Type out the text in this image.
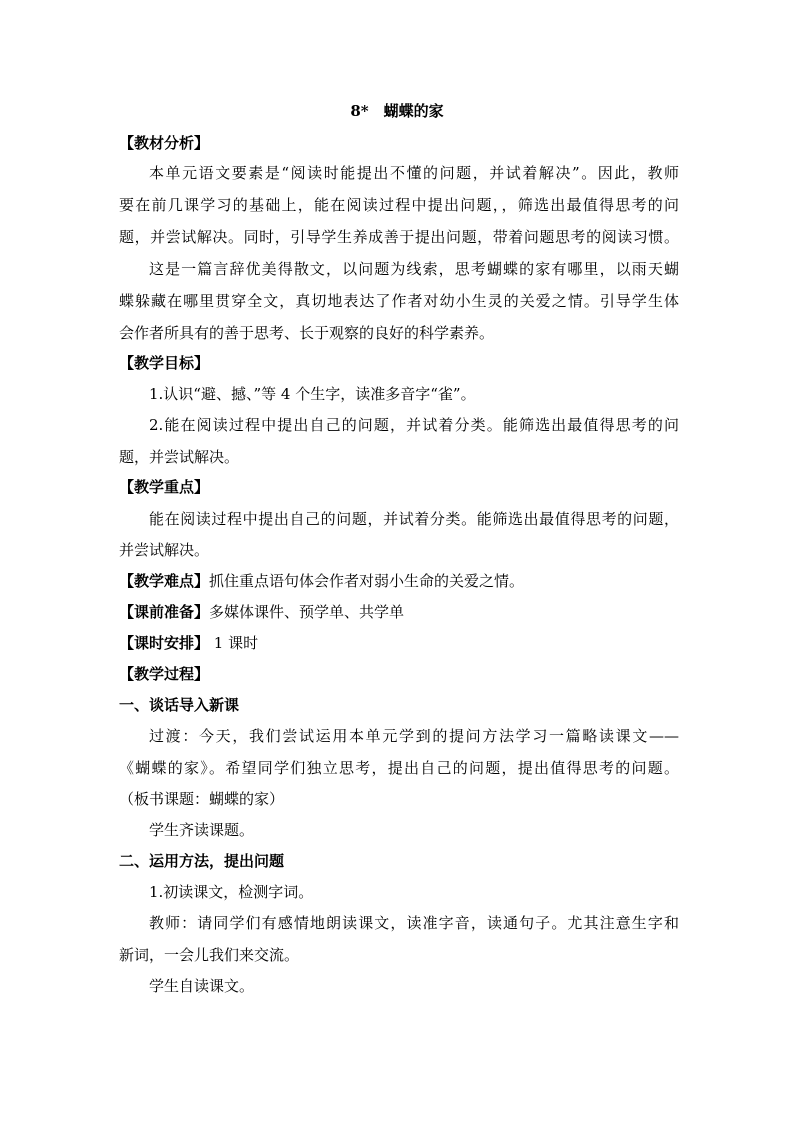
8*　蝴蝶的家
【教材分析】
本单元语文要素是“阅读时能提出不懂的问题，并试着解决”。因此，教师
要在前几课学习的基础上，能在阅读过程中提出问题，，筛选出最值得思考的问
题，并尝试解决。同时，引导学生养成善于提出问题，带着问题思考的阅读习惯。
这是一篇言辞优美得散文，以问题为线索，思考蝴蝶的家有哪里，以雨天蝴
蝶躲藏在哪里贯穿全文，真切地表达了作者对幼小生灵的关爱之情。引导学生体
会作者所具有的善于思考、长于观察的良好的科学素养。
【教学目标】
1.认识“避、撼、”等 4 个生字，读准多音字“雀”。
2.能在阅读过程中提出自己的问题，并试着分类。能筛选出最值得思考的问
题，并尝试解决。
【教学重点】
能在阅读过程中提出自己的问题，并试着分类。能筛选出最值得思考的问题，
并尝试解决。
【教学难点】抓住重点语句体会作者对弱小生命的关爱之情。
【课前准备】多媒体课件、预学单、共学单
【课时安排】 1 课时
【教学过程】
一、谈话导入新课
过渡：今天，我们尝试运用本单元学到的提问方法学习一篇略读课文——
《蝴蝶的家》。希望同学们独立思考，提出自己的问题，提出值得思考的问题。
（板书课题：蝴蝶的家）
学生齐读课题。
二、运用方法，提出问题
1.初读课文，检测字词。
教师：请同学们有感情地朗读课文，读准字音，读通句子。尤其注意生字和
新词，一会儿我们来交流。
学生自读课文。
